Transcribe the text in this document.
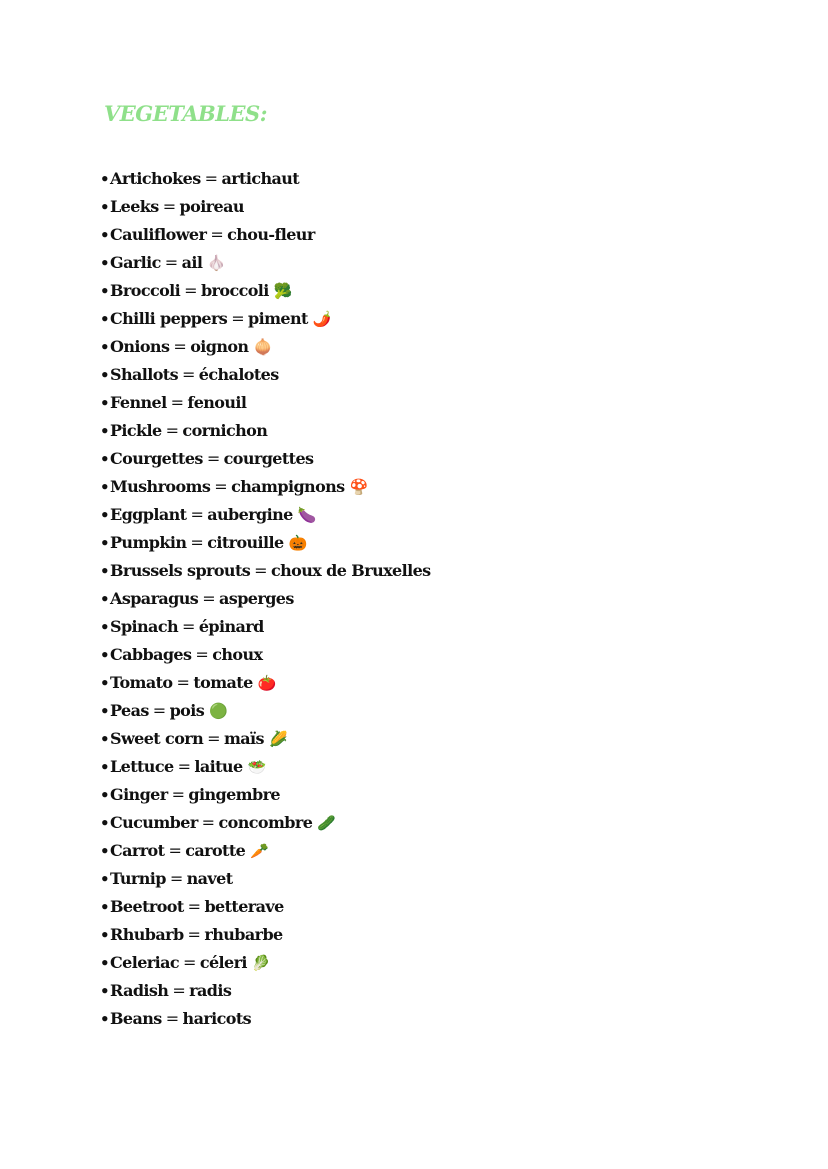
VEGETABLES:
• Artichokes = artichaut
• Leeks = poireau
• Cauliflower = chou-fleur
• Garlic = ail 🧄
• Broccoli = broccoli 🥦
• Chilli peppers = piment 🌶️
• Onions = oignon 🧅
• Shallots = échalotes
• Fennel = fenouil
• Pickle = cornichon
• Courgettes = courgettes
• Mushrooms = champignons 🍄
• Eggplant = aubergine 🍆
• Pumpkin = citrouille 🎃
• Brussels sprouts = choux de Bruxelles
• Asparagus = asperges
• Spinach = épinard
• Cabbages = choux
• Tomato = tomate 🍅
• Peas = pois 🟢
• Sweet corn = maïs 🌽
• Lettuce = laitue 🥗
• Ginger = gingembre
• Cucumber = concombre 🥒
• Carrot = carotte 🥕
• Turnip = navet
• Beetroot = betterave
• Rhubarb = rhubarbe
• Celeriac = céleri 🥬
• Radish = radis
• Beans = haricots
